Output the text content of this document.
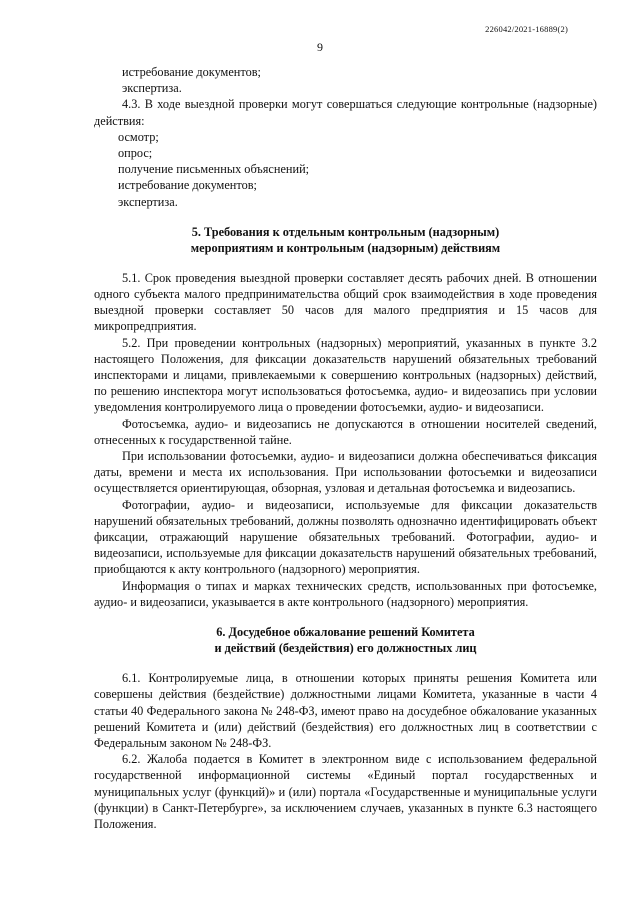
226042/2021-16889(2)
9
истребование документов;
экспертиза.

4.3. В ходе выездной проверки могут совершаться следующие контрольные (надзорные) действия:

осмотр;
опрос;
получение письменных объяснений;
истребование документов;
экспертиза.
5. Требования к отдельным контрольным (надзорным)
мероприятиям и контрольным (надзорным) действиям

5.1. Срок проведения выездной проверки составляет десять рабочих дней. В отношении одного субъекта малого предпринимательства общий срок взаимодействия в ходе проведения выездной проверки составляет 50 часов для малого предприятия и 15 часов для микропредприятия.

5.2. При проведении контрольных (надзорных) мероприятий, указанных в пункте 3.2 настоящего Положения, для фиксации доказательств нарушений обязательных требований инспекторами и лицами, привлекаемыми к совершению контрольных (надзорных) действий, по решению инспектора могут использоваться фотосъемка, аудио- и видеозапись при условии уведомления контролируемого лица о проведении фотосъемки, аудио- и видеозаписи.

Фотосъемка, аудио- и видеозапись не допускаются в отношении носителей сведений, отнесенных к государственной тайне.

При использовании фотосъемки, аудио- и видеозаписи должна обеспечиваться фиксация даты, времени и места их использования. При использовании фотосъемки и видеозаписи осуществляется ориентирующая, обзорная, узловая и детальная фотосъемка и видеозапись.

Фотографии, аудио- и видеозаписи, используемые для фиксации доказательств нарушений обязательных требований, должны позволять однозначно идентифицировать объект фиксации, отражающий нарушение обязательных требований. Фотографии, аудио- и видеозаписи, используемые для фиксации доказательств нарушений обязательных требований, приобщаются к акту контрольного (надзорного) мероприятия.

Информация о типах и марках технических средств, использованных при фотосъемке, аудио- и видеозаписи, указывается в акте контрольного (надзорного) мероприятия.

6. Досудебное обжалование решений Комитета
и действий (бездействия) его должностных лиц

6.1. Контролируемые лица, в отношении которых приняты решения Комитета или совершены действия (бездействие) должностными лицами Комитета, указанные в части 4 статьи 40 Федерального закона № 248-ФЗ, имеют право на досудебное обжалование указанных решений Комитета и (или) действий (бездействия) его должностных лиц в соответствии с Федеральным законом № 248-ФЗ.

6.2. Жалоба подается в Комитет в электронном виде с использованием федеральной государственной информационной системы «Единый портал государственных и муниципальных услуг (функций)» и (или) портала «Государственные и муниципальные услуги (функции) в Санкт-Петербурге», за исключением случаев, указанных в пункте 6.3 настоящего Положения.
